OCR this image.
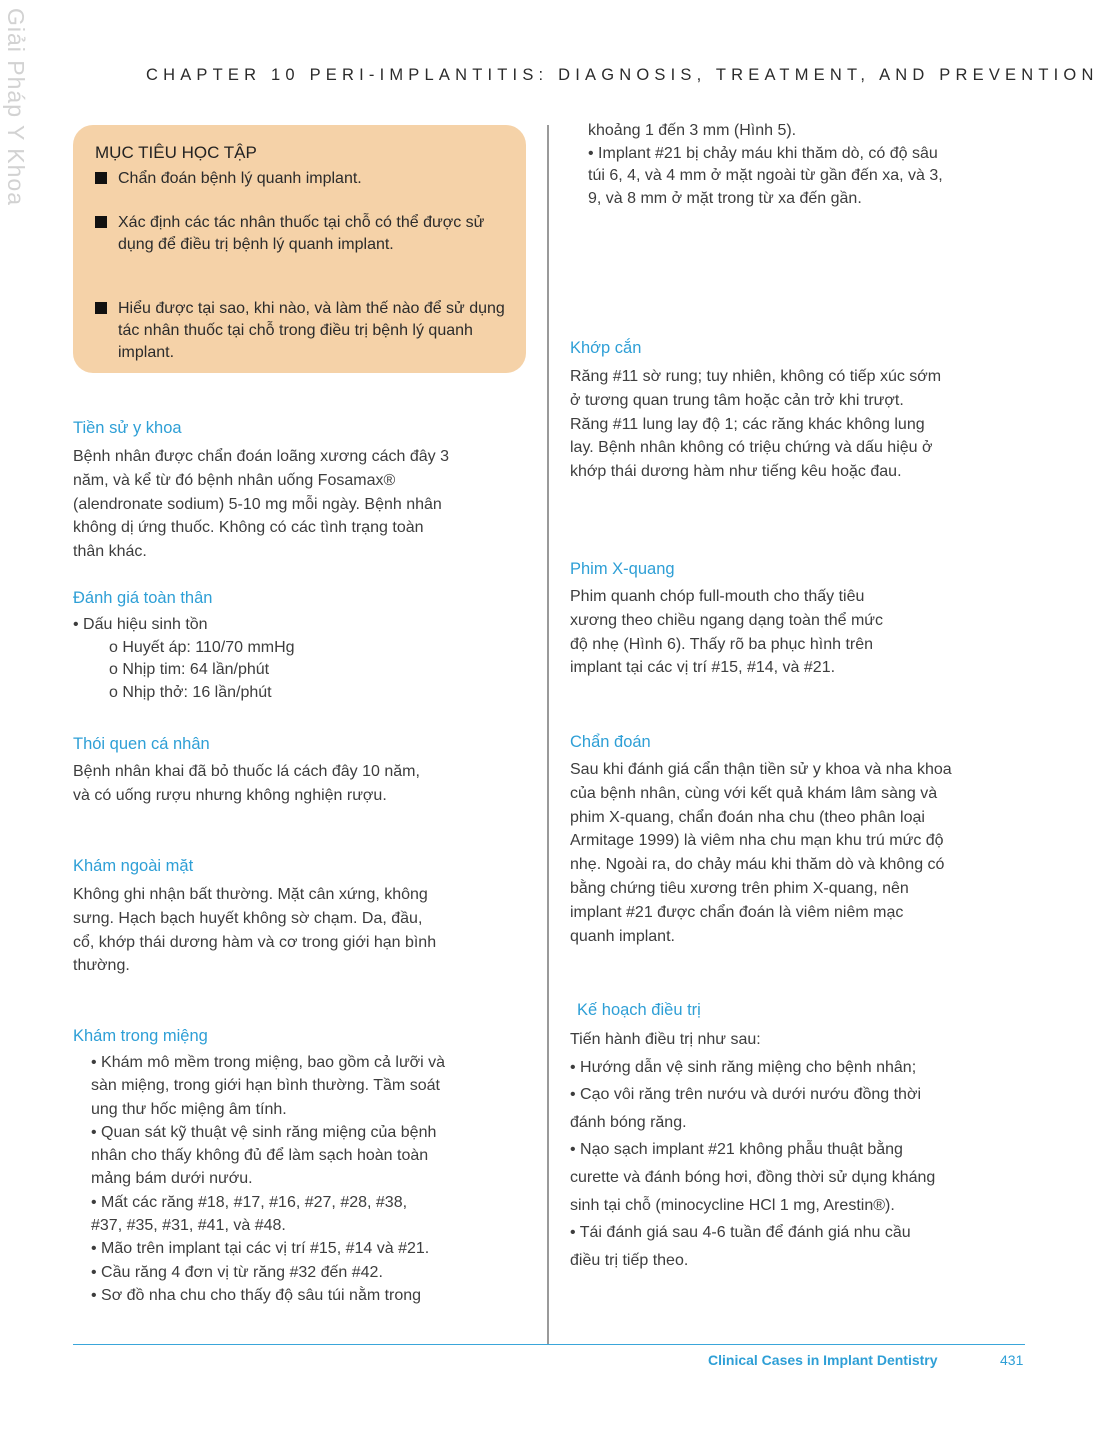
Giải Pháp Y Khoa	CHAPTER 10 PERI-IMPLANTITIS: DIAGNOSIS, TREATMENT, AND PREVENTION
MỤC TIÊU HỌC TẬP
Chẩn đoán bệnh lý quanh implant.
Xác định các tác nhân thuốc tại chỗ có thể được sử dụng để điều trị bệnh lý quanh implant.
Hiểu được tại sao, khi nào, và làm thế nào để sử dụng tác nhân thuốc tại chỗ trong điều trị bệnh lý quanh implant.
Tiền sử y khoa
Bệnh nhân được chẩn đoán loãng xương cách đây 3
năm, và kể từ đó bệnh nhân uống Fosamax®
(alendronate sodium) 5-10 mg mỗi ngày. Bệnh nhân
không dị ứng thuốc. Không có các tình trạng toàn
thân khác.
Đánh giá toàn thân
• Dấu hiệu sinh tồn
o Huyết áp: 110/70 mmHg
o Nhịp tim: 64 lần/phút
o Nhịp thở: 16 lần/phút
Thói quen cá nhân
Bệnh nhân khai đã bỏ thuốc lá cách đây 10 năm,
và có uống rượu nhưng không nghiện rượu.
Khám ngoài mặt
Không ghi nhận bất thường. Mặt cân xứng, không
sưng. Hạch bạch huyết không sờ chạm. Da, đầu,
cổ, khớp thái dương hàm và cơ trong giới hạn bình
thường.
Khám trong miệng
• Khám mô mềm trong miệng, bao gồm cả lưỡi và
sàn miệng, trong giới hạn bình thường. Tầm soát
ung thư hốc miệng âm tính.
• Quan sát kỹ thuật vệ sinh răng miệng của bệnh
nhân cho thấy không đủ để làm sạch hoàn toàn
mảng bám dưới nướu.
• Mất các răng #18, #17, #16, #27, #28, #38,
#37, #35, #31, #41, và #48.
• Mão trên implant tại các vị trí #15, #14 và #21.
• Cầu răng 4 đơn vị từ răng #32 đến #42.
• Sơ đồ nha chu cho thấy độ sâu túi nằm trong
khoảng 1 đến 3 mm (Hình 5).
• Implant #21 bị chảy máu khi thăm dò, có độ sâu
túi 6, 4, và 4 mm ở mặt ngoài từ gần đến xa, và 3,
9, và 8 mm ở mặt trong từ xa đến gần.
Khớp cắn
Răng #11 sờ rung; tuy nhiên, không có tiếp xúc sớm
ở tương quan trung tâm hoặc cản trở khi trượt.
Răng #11 lung lay độ 1; các răng khác không lung
lay. Bệnh nhân không có triệu chứng và dấu hiệu ở
khớp thái dương hàm như tiếng kêu hoặc đau.
Phim X-quang
Phim quanh chóp full-mouth cho thấy tiêu
xương theo chiều ngang dạng toàn thể mức
độ nhẹ (Hình 6). Thấy rõ ba phục hình trên
implant tại các vị trí #15, #14, và #21.
Chẩn đoán
Sau khi đánh giá cẩn thận tiền sử y khoa và nha khoa
của bệnh nhân, cùng với kết quả khám lâm sàng và
phim X-quang, chẩn đoán nha chu (theo phân loại
Armitage 1999) là viêm nha chu mạn khu trú mức độ
nhẹ. Ngoài ra, do chảy máu khi thăm dò và không có
bằng chứng tiêu xương trên phim X-quang, nên
implant #21 được chẩn đoán là viêm niêm mạc
quanh implant.
Kế hoạch điều trị
Tiến hành điều trị như sau:
• Hướng dẫn vệ sinh răng miệng cho bệnh nhân;
• Cạo vôi răng trên nướu và dưới nướu đồng thời
đánh bóng răng.
• Nạo sạch implant #21 không phẫu thuật bằng
curette và đánh bóng hơi, đồng thời sử dụng kháng
sinh tại chỗ (minocycline HCl 1 mg, Arestin®).
• Tái đánh giá sau 4-6 tuần để đánh giá nhu cầu
điều trị tiếp theo.
Clinical Cases in Implant Dentistry	431
